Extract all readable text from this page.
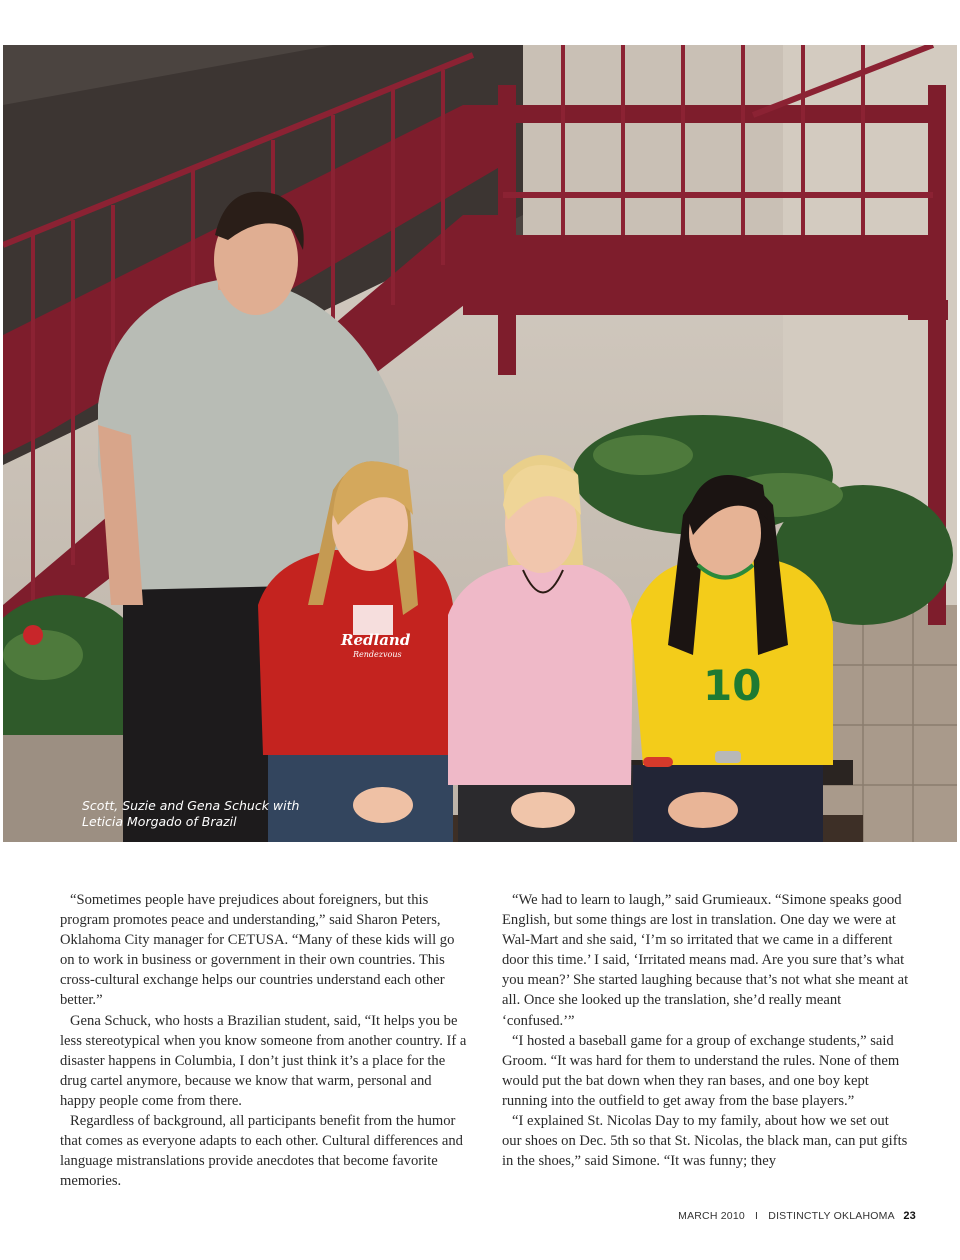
Redland
Rendezvous
10
Scott, Suzie and Gena Schuck with
Leticia Morgado of Brazil

“Sometimes people have prejudices about foreigners, but this program promotes peace and understanding,” said Sharon Peters, Oklahoma City manager for CETUSA. “Many of these kids will go on to work in business or government in their own countries. This cross-cultural exchange helps our countries understand each other better.”

Gena Schuck, who hosts a Brazilian student, said, “It helps you be less stereotypical when you know someone from another country. If a disaster happens in Columbia, I don’t just think it’s a place for the drug cartel anymore, because we know that warm, personal and happy people come from there.

Regardless of background, all participants benefit from the humor that comes as everyone adapts to each other. Cultural differences and language mistranslations provide anecdotes that become favorite memories.

“We had to learn to laugh,” said Grumieaux. “Simone speaks good English, but some things are lost in translation. One day we were at Wal-Mart and she said, ‘I’m so irritated that we came in a different door this time.’ I said, ‘Irritated means mad. Are you sure that’s what you mean?’ She started laughing because that’s not what she meant at all. Once she looked up the translation, she’d really meant ‘confused.’”

“I hosted a baseball game for a group of exchange students,” said Groom. “It was hard for them to understand the rules. None of them would put the bat down when they ran bases, and one boy kept running into the outfield to get away from the base players.”

“I explained St. Nicolas Day to my family, about how we set out our shoes on Dec. 5th so that St. Nicolas, the black man, can put gifts in the shoes,” said Simone. “It was funny; they

MARCH 2010 I DISTINCTLY OKLAHOMA 23
